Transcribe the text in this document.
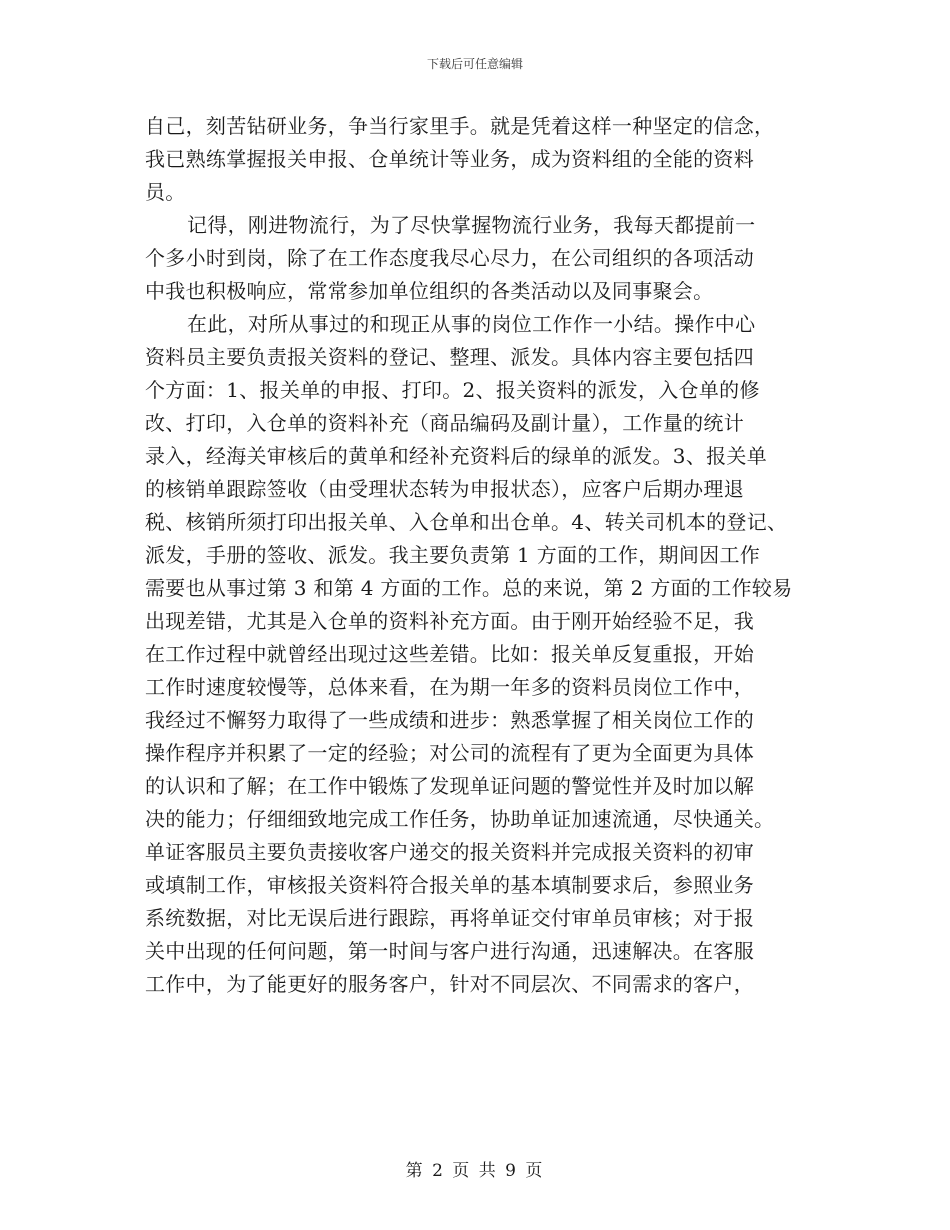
下载后可任意编辑
自己，刻苦钻研业务，争当行家里手。就是凭着这样一种坚定的信念，
我已熟练掌握报关申报、仓单统计等业务，成为资料组的全能的资料
员。
记得，刚进物流行，为了尽快掌握物流行业务，我每天都提前一
个多小时到岗，除了在工作态度我尽心尽力，在公司组织的各项活动
中我也积极响应，常常参加单位组织的各类活动以及同事聚会。
在此，对所从事过的和现正从事的岗位工作作一小结。操作中心
资料员主要负责报关资料的登记、整理、派发。具体内容主要包括四
个方面：1、报关单的申报、打印。2、报关资料的派发，入仓单的修
改、打印，入仓单的资料补充（商品编码及副计量），工作量的统计
录入，经海关审核后的黄单和经补充资料后的绿单的派发。3、报关单
的核销单跟踪签收（由受理状态转为申报状态），应客户后期办理退
税、核销所须打印出报关单、入仓单和出仓单。4、转关司机本的登记、
派发，手册的签收、派发。我主要负责第 1 方面的工作，期间因工作
需要也从事过第 3 和第 4 方面的工作。总的来说，第 2 方面的工作较易
出现差错，尤其是入仓单的资料补充方面。由于刚开始经验不足，我
在工作过程中就曾经出现过这些差错。比如：报关单反复重报，开始
工作时速度较慢等，总体来看，在为期一年多的资料员岗位工作中，
我经过不懈努力取得了一些成绩和进步：熟悉掌握了相关岗位工作的
操作程序并积累了一定的经验；对公司的流程有了更为全面更为具体
的认识和了解；在工作中锻炼了发现单证问题的警觉性并及时加以解
决的能力；仔细细致地完成工作任务，协助单证加速流通，尽快通关。
单证客服员主要负责接收客户递交的报关资料并完成报关资料的初审
或填制工作，审核报关资料符合报关单的基本填制要求后，参照业务
系统数据，对比无误后进行跟踪，再将单证交付审单员审核；对于报
关中出现的任何问题，第一时间与客户进行沟通，迅速解决。在客服
工作中，为了能更好的服务客户，针对不同层次、不同需求的客户，
第 2 页 共 9 页
